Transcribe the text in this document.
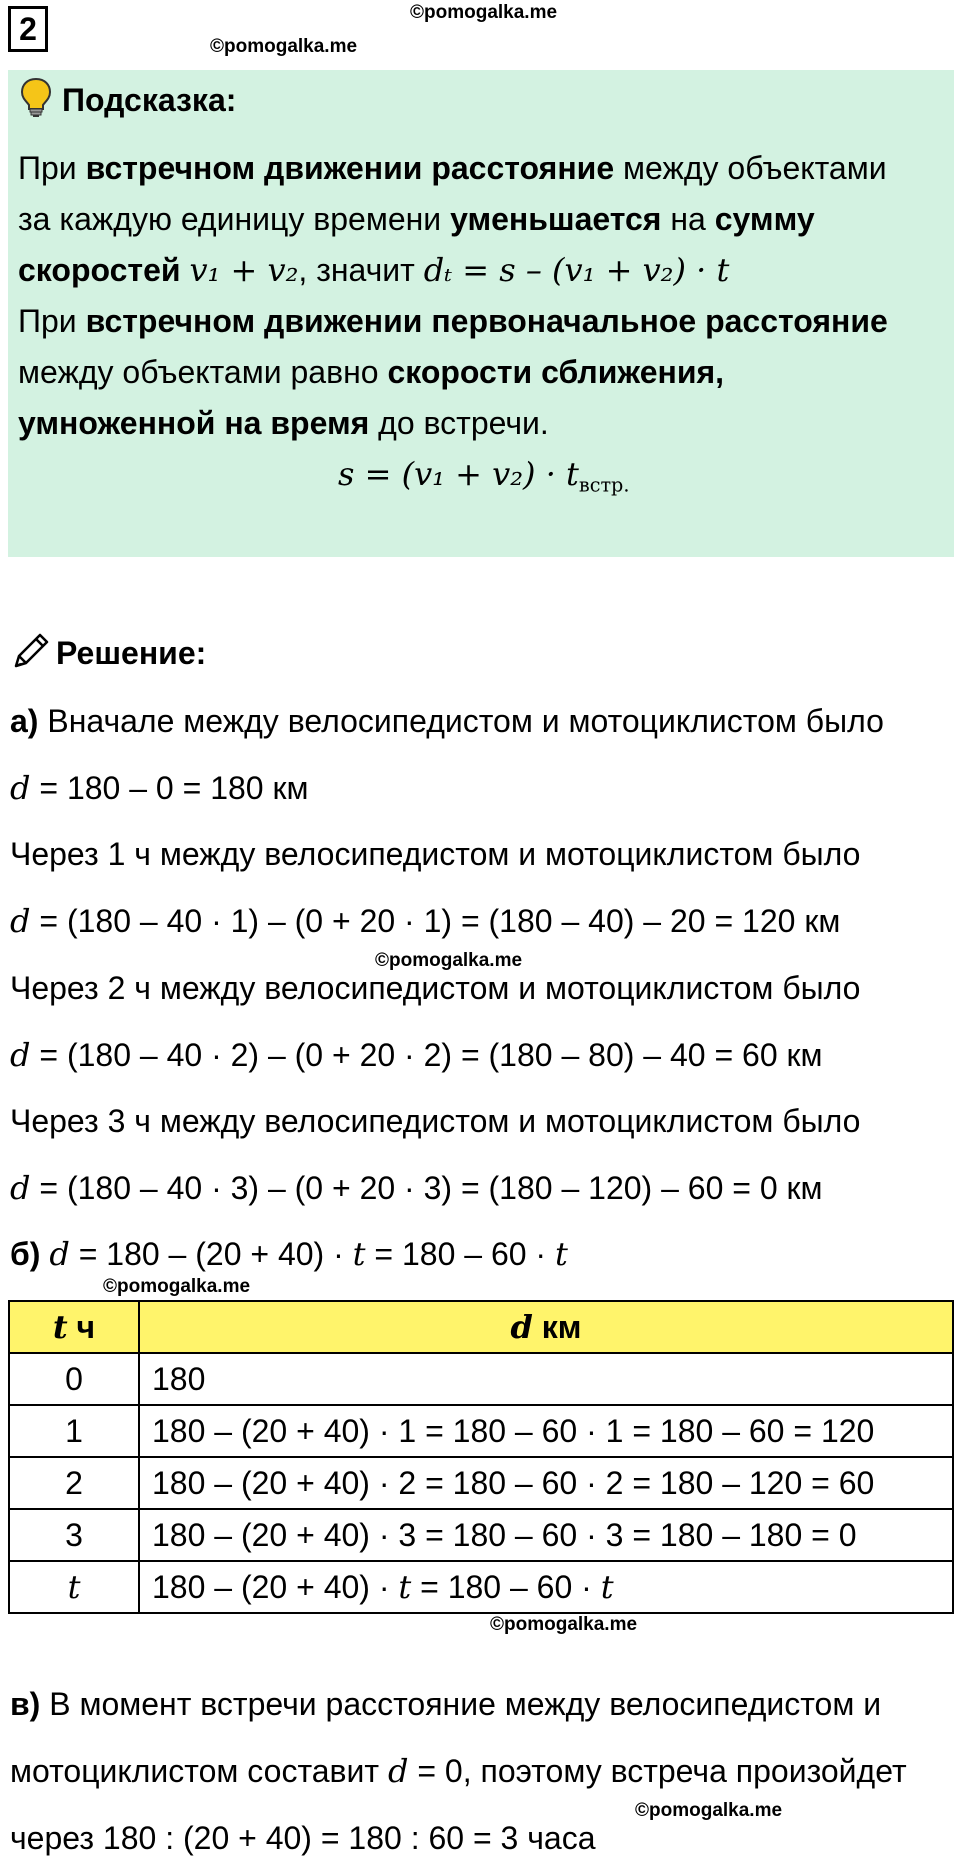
2	©pomogalka.me
©pomogalka.me
Подсказка:
При встречном движении расстояние между объектами
за каждую единицу времени уменьшается на сумму
скоростей v₁ + v₂, значит dₜ = s – (v₁ + v₂) · t
При встречном движении первоначальное расстояние
между объектами равно скорости сближения,
умноженной на время до встречи.
$s = (v_1 + v_2) \cdot t_{встр.}$
Решение:
а) Вначале между велосипедистом и мотоциклистом было
d = 180 – 0 = 180 км
Через 1 ч между велосипедистом и мотоциклистом было
d = (180 – 40 · 1) – (0 + 20 · 1) = (180 – 40) – 20 = 120 км
©pomogalka.me
Через 2 ч между велосипедистом и мотоциклистом было
d = (180 – 40 · 2) – (0 + 20 · 2) = (180 – 80) – 40 = 60 км
Через 3 ч между велосипедистом и мотоциклистом было
d = (180 – 40 · 3) – (0 + 20 · 3) = (180 – 120) – 60 = 0 км
б) d = 180 – (20 + 40) · t = 180 – 60 · t
©pomogalka.me
t ч	d км
0	180
1	180 – (20 + 40) · 1 = 180 – 60 · 1 = 180 – 60 = 120
2	180 – (20 + 40) · 2 = 180 – 60 · 2 = 180 – 120 = 60
3	180 – (20 + 40) · 3 = 180 – 60 · 3 = 180 – 180 = 0
t	180 – (20 + 40) · t = 180 – 60 · t
©pomogalka.me
в) В момент встречи расстояние между велосипедистом и
мотоциклистом составит d = 0, поэтому встреча произойдет
©pomogalka.me
через 180 : (20 + 40) = 180 : 60 = 3 часа
